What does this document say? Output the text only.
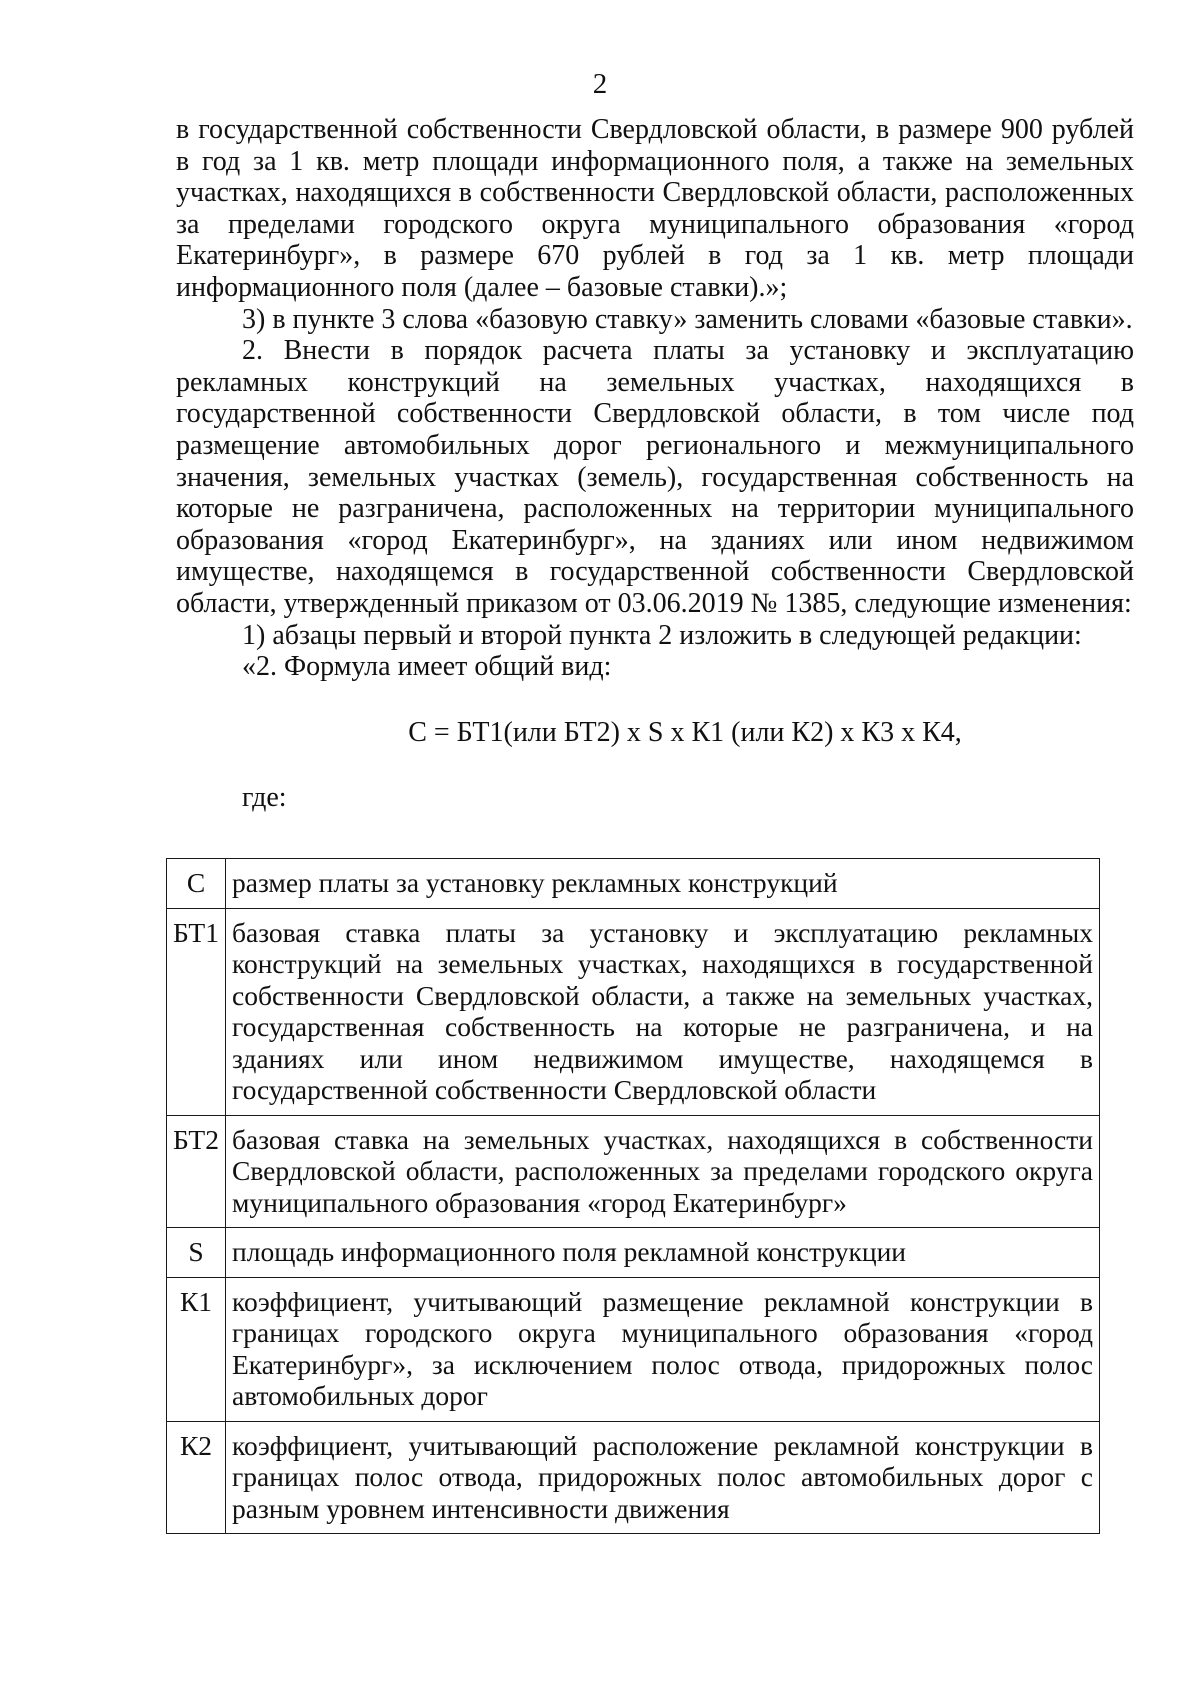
2

в государственной собственности Свердловской области, в размере 900 рублей в год за 1 кв. метр площади информационного поля, а также на земельных участках, находящихся в собственности Свердловской области, расположенных за пределами городского округа муниципального образования «город Екатеринбург», в размере 670 рублей в год за 1 кв. метр площади информационного поля (далее – базовые ставки).»;

3) в пункте 3 слова «базовую ставку» заменить словами «базовые ставки».

2. Внести в порядок расчета платы за установку и эксплуатацию рекламных конструкций на земельных участках, находящихся в государственной собственности Свердловской области, в том числе под размещение автомобильных дорог регионального и межмуниципального значения, земельных участках (земель), государственная собственность на которые не разграничена, расположенных на территории муниципального образования «город Екатеринбург», на зданиях или ином недвижимом имуществе, находящемся в государственной собственности Свердловской области, утвержденный приказом от 03.06.2019 № 1385, следующие изменения:

1) абзацы первый и второй пункта 2 изложить в следующей редакции:

«2. Формула имеет общий вид:

С = БТ1(или БТ2) x S x К1 (или К2) x К3 x К4,

где:

С	размер платы за установку рекламных конструкций
БТ1	базовая ставка платы за установку и эксплуатацию рекламных конструкций на земельных участках, находящихся в государственной собственности Свердловской области, а также на земельных участках, государственная собственность на которые не разграничена, и на зданиях или ином недвижимом имуществе, находящемся в государственной собственности Свердловской области
БТ2	базовая ставка на земельных участках, находящихся в собственности Свердловской области, расположенных за пределами городского округа муниципального образования «город Екатеринбург»
S	площадь информационного поля рекламной конструкции
К1	коэффициент, учитывающий размещение рекламной конструкции в границах городского округа муниципального образования «город Екатеринбург», за исключением полос отвода, придорожных полос автомобильных дорог
К2	коэффициент, учитывающий расположение рекламной конструкции в границах полос отвода, придорожных полос автомобильных дорог с разным уровнем интенсивности движения
